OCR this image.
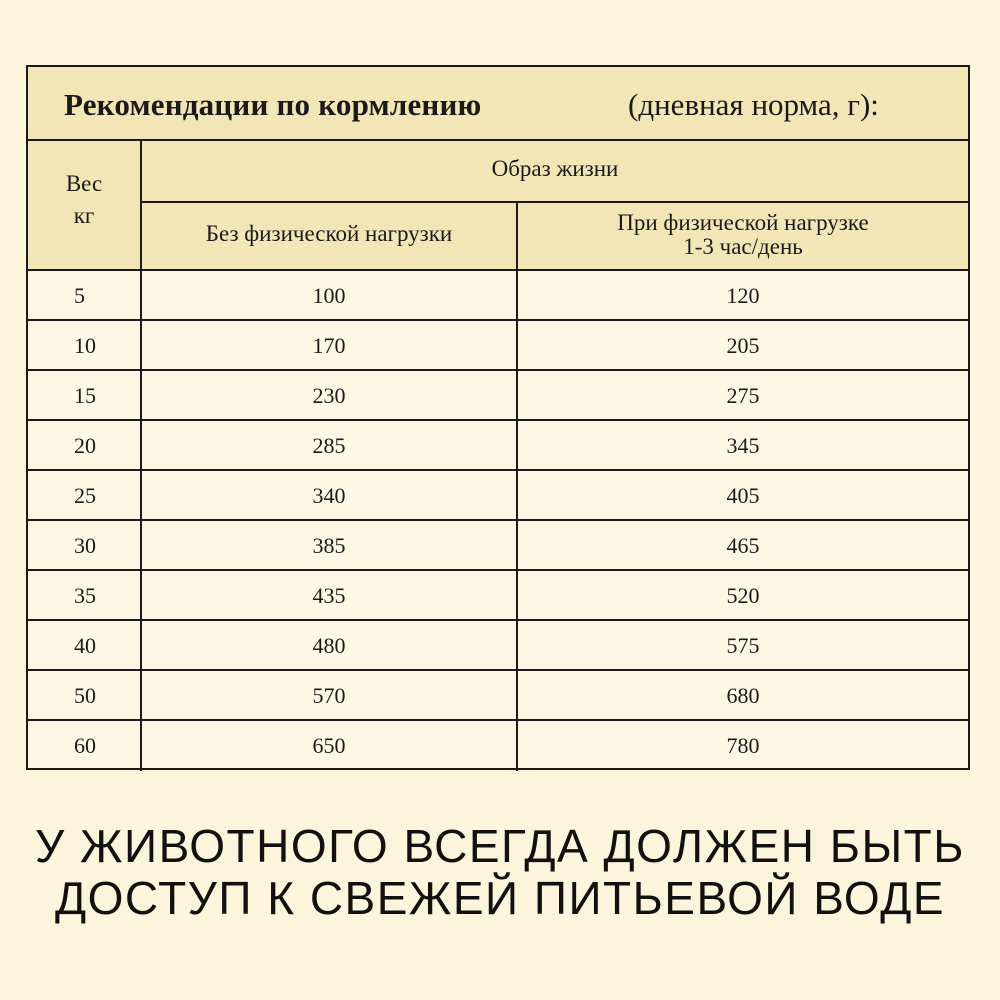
Рекомендации по кормлению	(дневная норма, г):
Вес
кг
Образ жизни
Без физической нагрузки	При физической нагрузке
1-3 час/день
5	100	120
10	170	205
15	230	275
20	285	345
25	340	405
30	385	465
35	435	520
40	480	575
50	570	680
60	650	780
У ЖИВОТНОГО ВСЕГДА ДОЛЖЕН БЫТЬ
ДОСТУП К СВЕЖЕЙ ПИТЬЕВОЙ ВОДЕ
